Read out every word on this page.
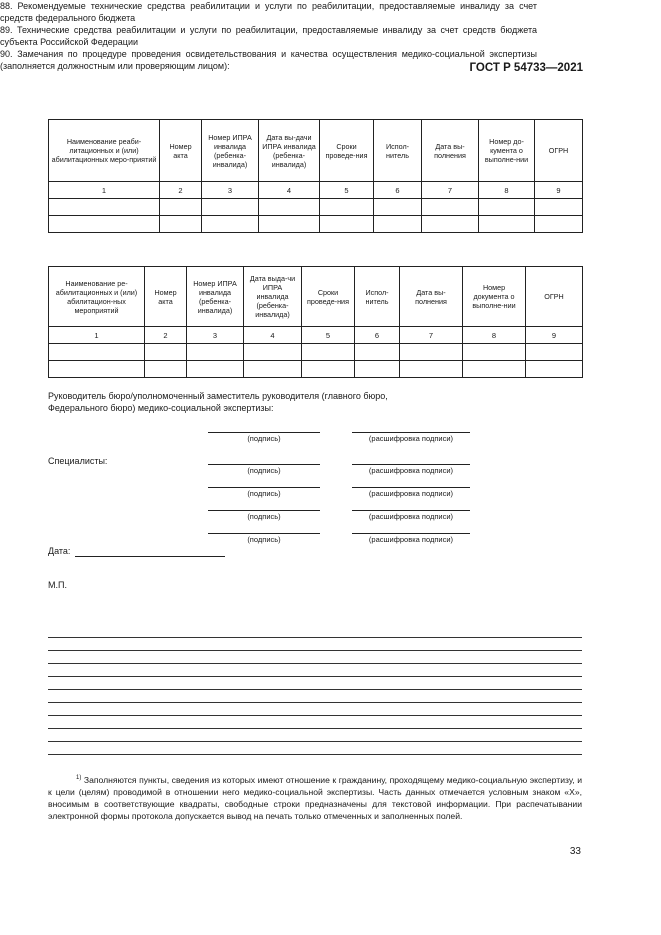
ГОСТ Р 54733—2021
88. Рекомендуемые технические средства реабилитации и услуги по реабилитации, предоставляемые инвалиду за счет средств федерального бюджета
Наименование реаби-литационных и (или) абилитационных меро-приятий	Номер акта	Номер ИПРА инвалида (ребенка-инвалида)	Дата вы-дачи ИПРА инвалида (ребенка-инвалида)	Сроки проведе-ния	Испол-нитель	Дата вы-полнения	Номер до-кумента о выполне-нии	ОГРН
1	2	3	4	5	6	7	8	9

89. Технические средства реабилитации и услуги по реабилитации, предоставляемые инвалиду за счет средств бюджета субъекта Российской Федерации
Наименование ре-абилитационных и (или) абилитацион-ных мероприятий	Номер акта	Номер ИПРА инвалида (ребенка-инвалида)	Дата выда-чи ИПРА инвалида (ребенка-инвалида)	Сроки проведе-ния	Испол-нитель	Дата вы-полнения	Номер документа о выполне-нии	ОГРН
1	2	3	4	5	6	7	8	9

Руководитель бюро/уполномоченный заместитель руководителя (главного бюро, Федерального бюро) медико-социальной экспертизы:
(подпись)	(расшифровка подписи)
Специалисты:
(подпись)	(расшифровка подписи)
(подпись)	(расшифровка подписи)
(подпись)	(расшифровка подписи)
(подпись)	(расшифровка подписи)
Дата:
М.П.
90. Замечания по процедуре проведения освидетельствования и качества осуществления медико-социальной экспертизы (заполняется должностным или проверяющим лицом):
$^{1)}$ Заполняются пункты, сведения из которых имеют отношение к гражданину, проходящему медико-социальную экспертизу, и к цели (целям) проводимой в отношении него медико-социальной экспертизы. Часть данных отмечается условным знаком «X», вносимым в соответствующие квадраты, свободные строки предназначены для текстовой информации. При распечатывании электронной формы протокола допускается вывод на печать только отмеченных и заполненных полей.
33
